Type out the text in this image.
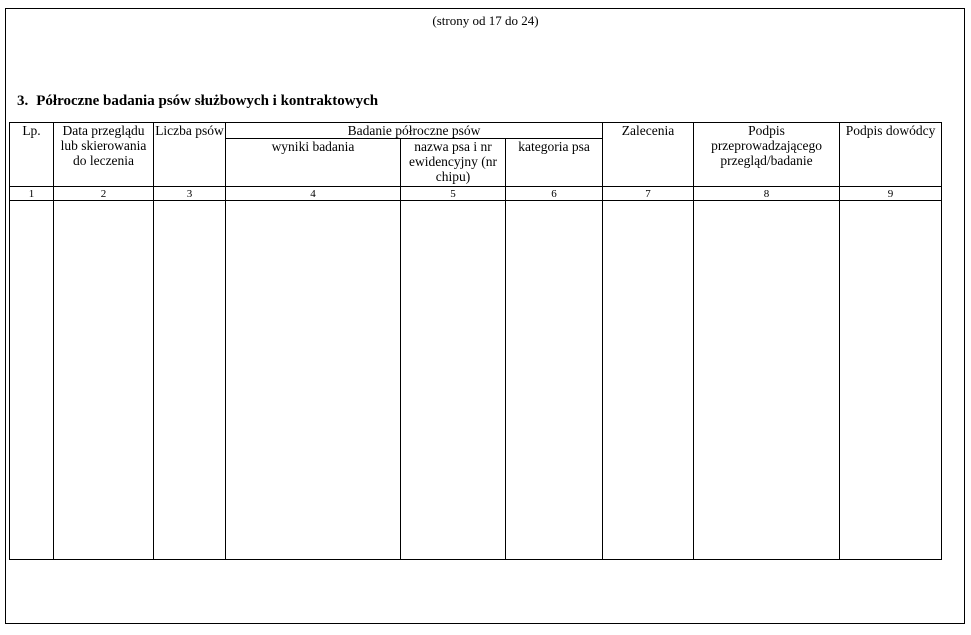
(strony od 17 do 24)
3. Półroczne badania psów służbowych i kontraktowych
Lp.	Data przeglądu lub skierowania do leczenia	Liczba psów	Badanie półroczne psów			Zalecenia	Podpis przeprowadzającego przegląd/badanie	Podpis dowódcy
			wyniki badania	nazwa psa i nr ewidencyjny (nr chipu)	kategoria psa			
1	2	3	4	5	6	7	8	9
